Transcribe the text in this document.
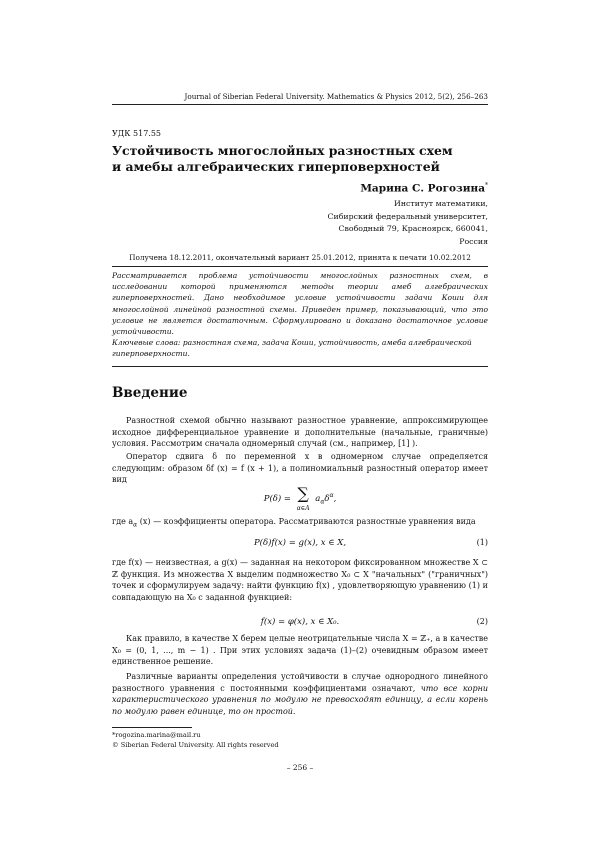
Journal of Siberian Federal University. Mathematics & Physics 2012, 5(2), 256–263
УДК 517.55
Устойчивость многослойных разностных схем
и амебы алгебраических гиперповерхностей
Марина С. Рогозина*
Институт математики,
Сибирский федеральный университет,
Свободный 79, Красноярск, 660041,
Россия
Получена 18.12.2011, окончательный вариант 25.01.2012, принята к печати 10.02.2012
Рассматривается проблема устойчивости многослойных разностных схем, в исследовании которой применяются методы теории амеб алгебраических гиперповерхностей. Дано необходимое условие устойчивости задачи Коши для многослойной линейной разностной схемы. Приведен пример, показывающий, что это условие не является достаточным. Сформулировано и доказано достаточное условие устойчивости.
Ключевые слова: разностная схема, задача Коши, устойчивость, амеба алгебраической гиперповерхности.
Введение
Разностной схемой обычно называют разностное уравнение, аппроксимирующее исходное дифференциальное уравнение и дополнительные (начальные, граничные) условия. Рассмотрим сначала одномерный случай (см., например, [1] ).
Оператор сдвига δ по переменной x в одномерном случае определяется следующим: образом δf (x) = f (x + 1), а полиномиальный разностный оператор имеет вид
P(δ) = ∑
α∈A $a_\alpha\delta^\alpha$,
где $a_\alpha$ (x) — коэффициенты оператора. Рассматриваются разностные уравнения вида
P(δ)f(x) = g(x), x ∈ X,	(1)
где f(x) — неизвестная, а g(x) — заданная на некотором фиксированном множестве X ⊂ ℤ функция. Из множества X выделим подмножество X₀ ⊂ X "начальных" ("граничных") точек и сформулируем задачу: найти функцию f(x) , удовлетворяющую уравнению (1) и совпадающую на X₀ с заданной функцией:
f(x) = φ(x), x ∈ X₀.	(2)
Как правило, в качестве X берем целые неотрицательные числа X = ℤ₊, а в качестве X₀ = (0, 1, ..., m − 1) . При этих условиях задача (1)–(2) очевидным образом имеет единственное решение.
Различные варианты определения устойчивости в случае однородного линейного разностного уравнения с постоянными коэффициентами означают, что все корни характеристического уравнения по модулю не превосходят единицу, а если корень по модулю равен единице, то он простой.
*rogozina.marina@mail.ru
© Siberian Federal University. All rights reserved
– 256 –
